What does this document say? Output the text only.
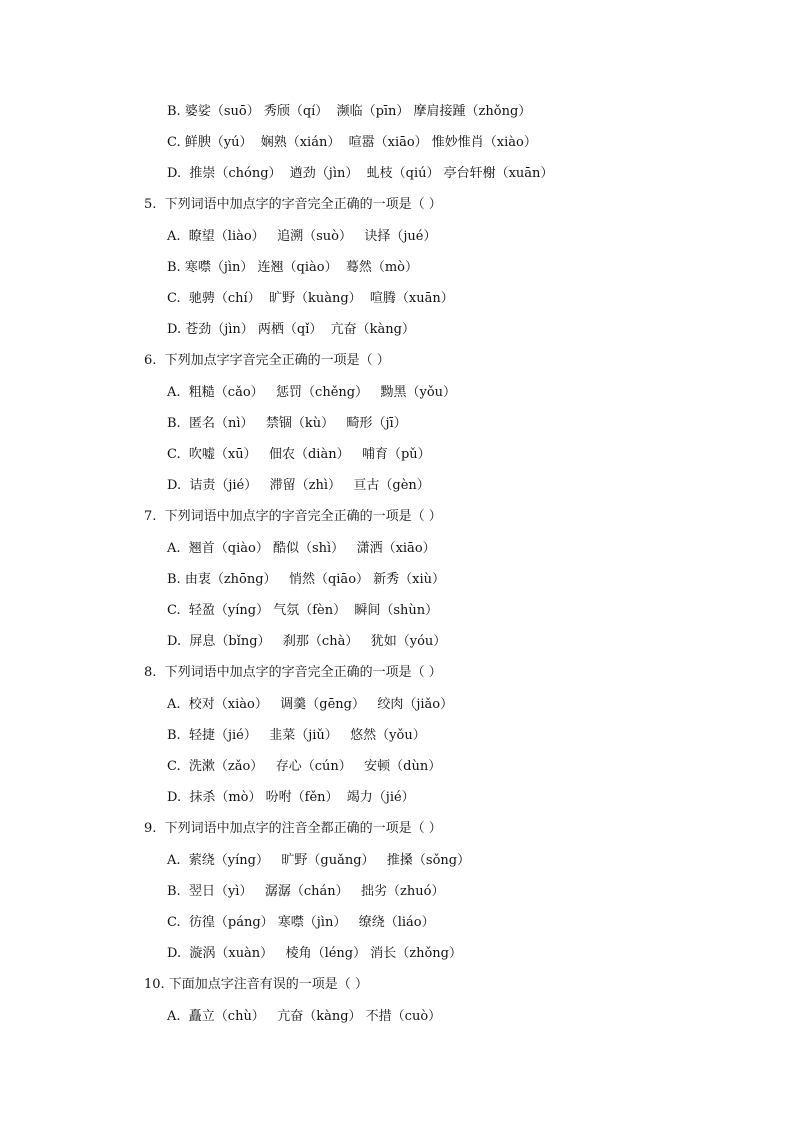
B. 婆娑（suō） 秀颀（qí）  濒临（pīn） 摩肩接踵（zhǒng）
C. 鲜腴（yú）  娴熟（xián）  喧嚣（xiāo） 惟妙惟肖（xiào）
D.  推崇（chóng）  遒劲（jìn）  虬枝（qiú） 亭台轩榭（xuān）
5.  下列词语中加点字的字音完全正确的一项是（ ）
A.  瞭望（liào）   追溯（suò）   诀择（jué）
B. 寒噤（jìn） 连翘（qiào）  蓦然（mò）
C.  驰骋（chí）  旷野（kuàng）  喧腾（xuān）
D. 苍劲（jìn） 两栖（qǐ）  亢奋（kàng）
6.  下列加点字字音完全正确的一项是（ ）
A.  粗糙（cǎo）   惩罚（chěng）   黝黑（yǒu）
B.  匿名（nì）   禁锢（kù）   畸形（jī）
C.  吹嘘（xū）   佃农（diàn）   哺育（pǔ）
D.  诘责（jié）   滞留（zhì）   亘古（gèn）
7.  下列词语中加点字的字音完全正确的一项是（ ）
A.  翘首（qiào） 酷似（shì）   潇洒（xiāo）
B. 由衷（zhōng）   悄然（qiāo） 新秀（xiù）
C.  轻盈（yíng） 气氛（fèn）  瞬间（shùn）
D.  屏息（bǐng）   刹那（chà）   犹如（yóu）
8.  下列词语中加点字的字音完全正确的一项是（ ）
A.  校对（xiào）   调羹（gēng）   绞肉（jiǎo）
B.  轻捷（jié）   韭菜（jiǔ）   悠然（yǒu）
C.  洗漱（zǎo）   存心（cún）   安顿（dùn）
D.  抹杀（mò） 吩咐（fěn）  竭力（jié）
9.  下列词语中加点字的注音全都正确的一项是（ ）
A.  萦绕（yíng）   旷野（guǎng）   推搡（sǒng）
B.  翌日（yì）   潺潺（chán）   拙劣（zhuó）
C.  彷徨（páng） 寒噤（jìn）   缭绕（liáo）
D.  漩涡（xuàn）   棱角（léng） 消长（zhǒng）
10. 下面加点字注音有误的一项是（ ）
A.  矗立（chù）   亢奋（kàng） 不措（cuò）
